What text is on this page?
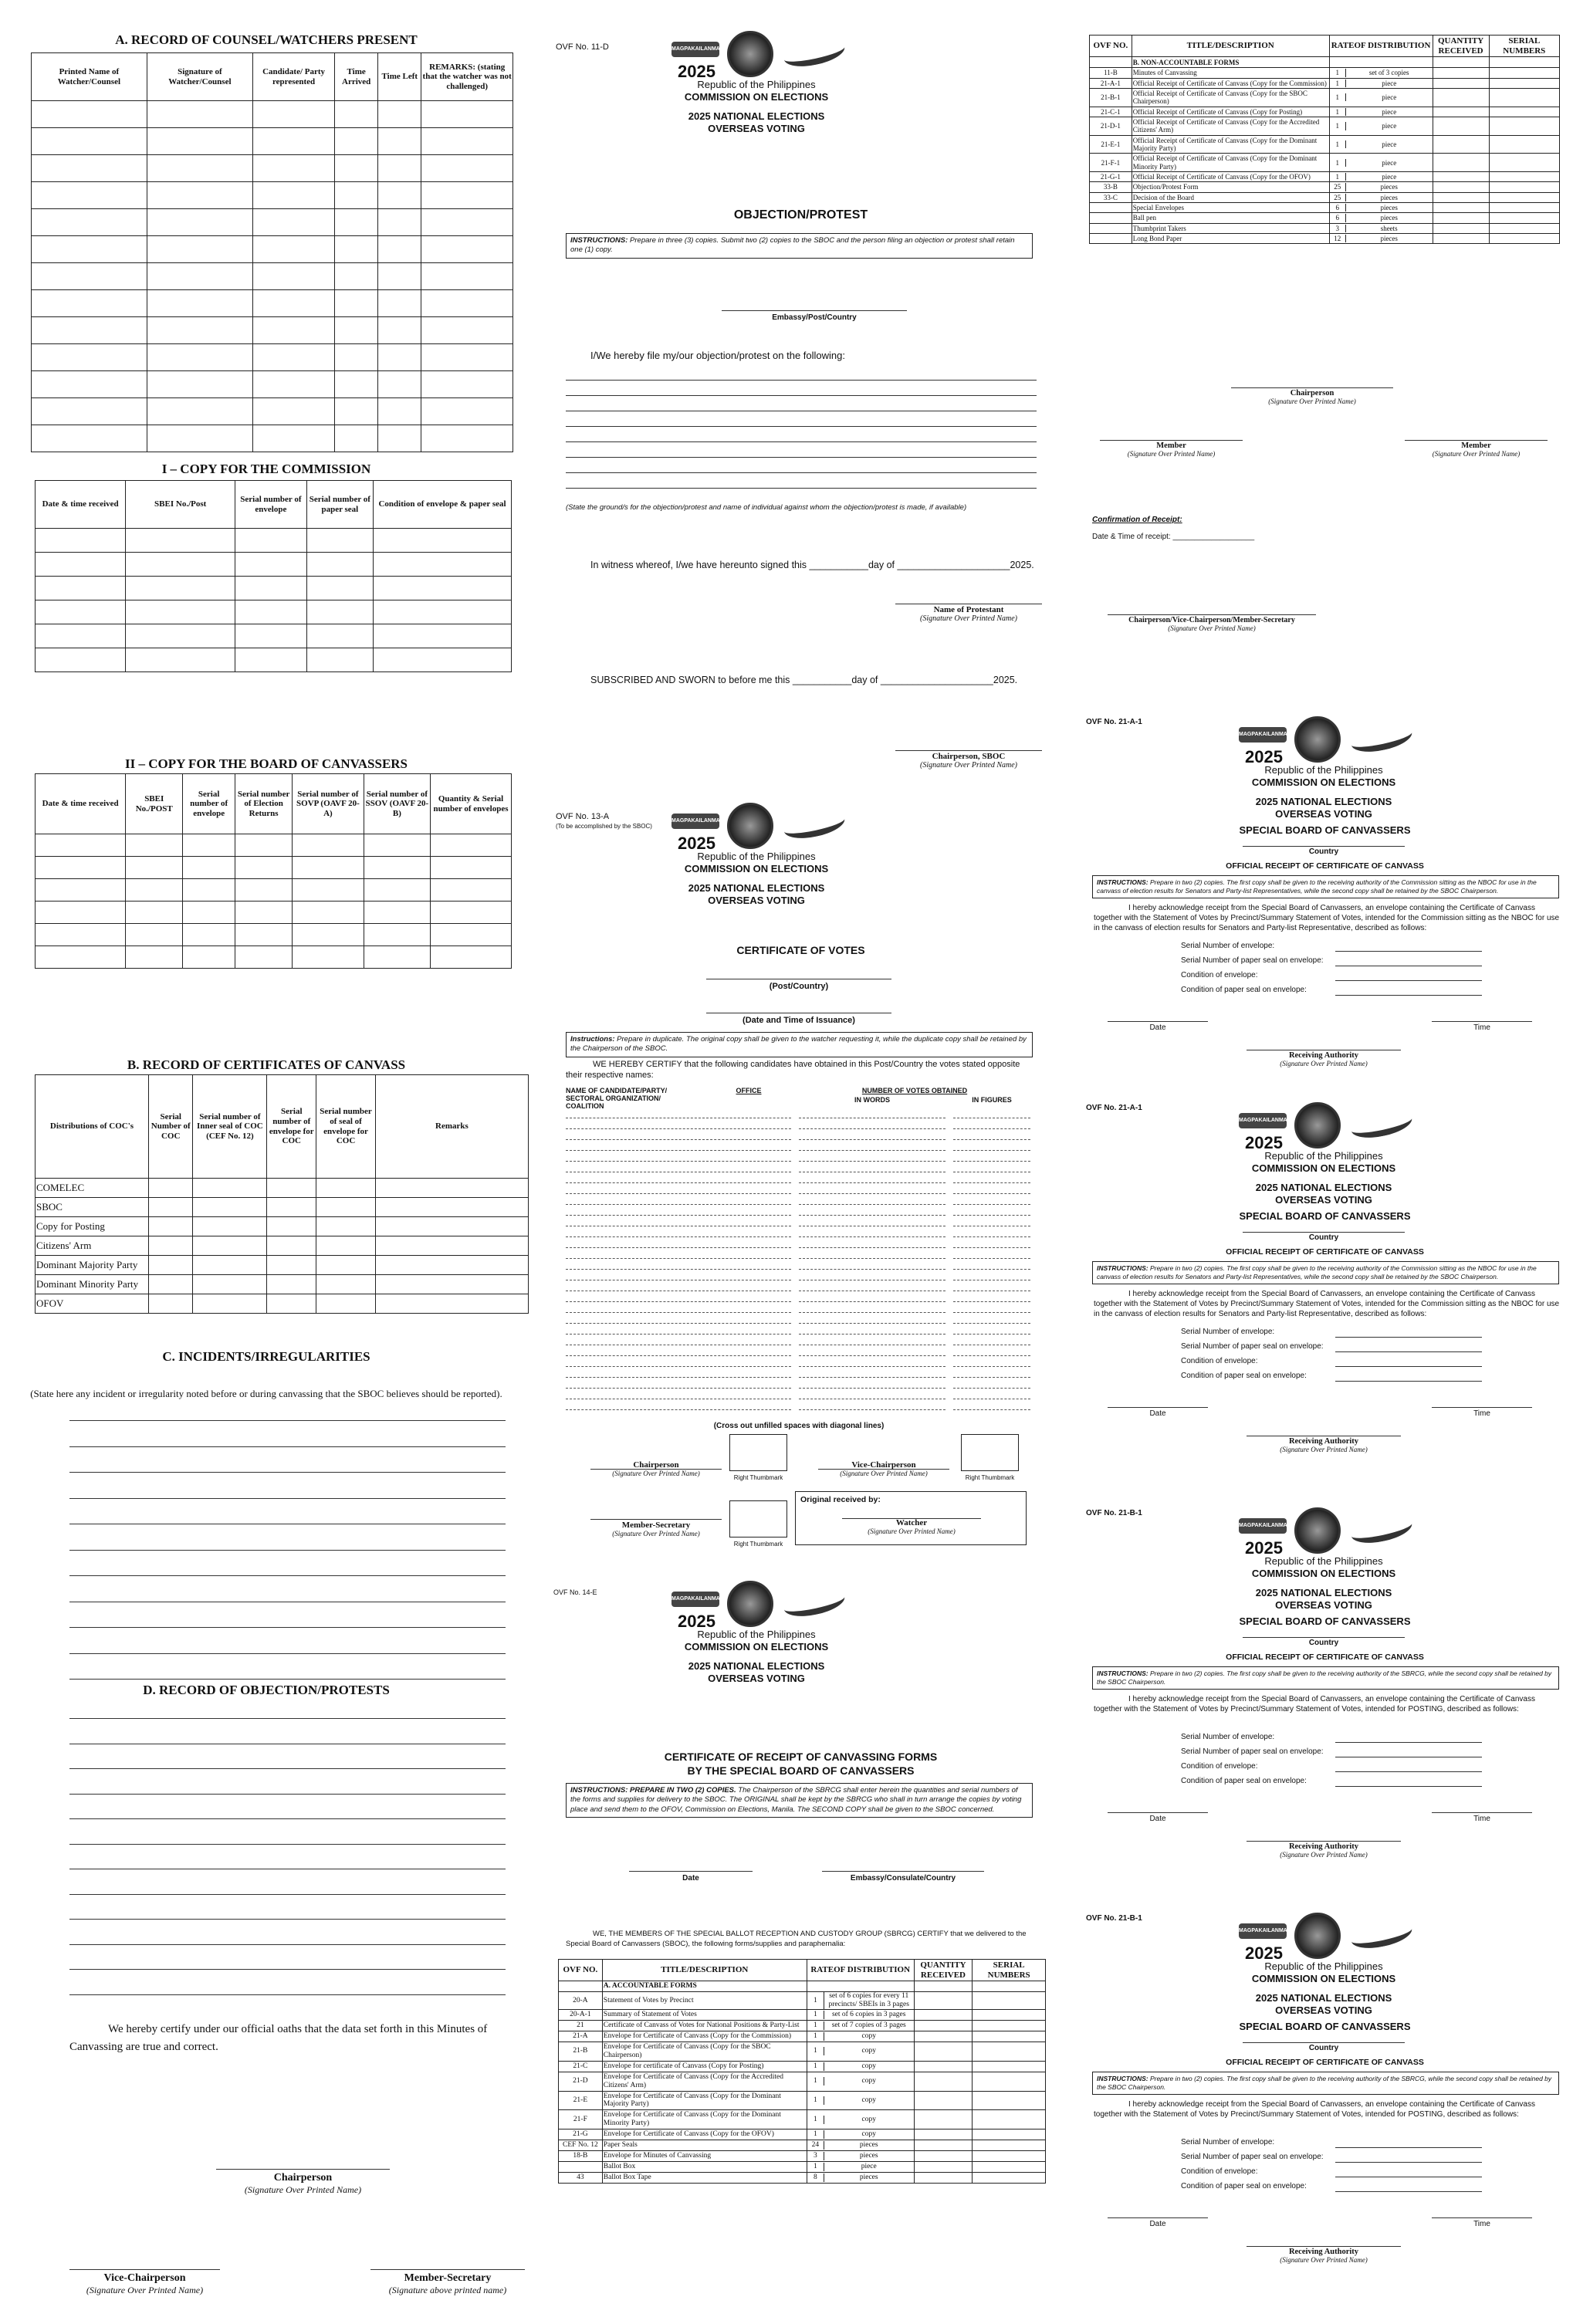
A. RECORD OF COUNSEL/WATCHERS PRESENT
Printed Name of Watcher/Counsel	Signature of Watcher/Counsel	Candidate/ Party represented	Time Arrived	Time Left	REMARKS: (stating that the watcher was not challenged)

I – COPY FOR THE COMMISSION
Date & time received	SBEI No./Post	Serial number of envelope	Serial number of paper seal	Condition of envelope & paper seal

II – COPY FOR THE BOARD OF CANVASSERS
Date & time received	SBEI No./POST	Serial number of envelope	Serial number of Election Returns	Serial number of SOVP (OAVF 20-A)	Serial number of SSOV (OAVF 20-B)	Quantity & Serial number of envelopes

B. RECORD OF CERTIFICATES OF CANVASS
Distributions of COC's	Serial Number of COC	Serial number of Inner seal of COC (CEF No. 12)	Serial number of envelope for COC	Serial number of seal of envelope for COC	Remarks
COMELEC					
SBOC					
Copy for Posting					
Citizens' Arm					
Dominant Majority Party					
Dominant Minority Party					
OFOV					
C. INCIDENTS/IRREGULARITIES
(State here any incident or irregularity noted before or during canvassing that the SBOC believes should be reported).
D. RECORD OF OBJECTION/PROTESTS
We hereby certify under our official oaths that the data set forth in this Minutes of Canvassing are true and correct.
Chairperson
(Signature Over Printed Name)
Vice-Chairperson
(Signature Over Printed Name)
Member-Secretary
(Signature above printed name)
OVF No. 11-D	MAGPAKAILANMAN
2025
Republic of the Philippines
COMMISSION ON ELECTIONS
2025 NATIONAL ELECTIONS
OVERSEAS VOTING
OBJECTION/PROTEST
INSTRUCTIONS: Prepare in three (3) copies. Submit two (2) copies to the SBOC and the person filing an objection or protest shall retain one (1) copy.
Embassy/Post/Country
I/We hereby file my/our objection/protest on the following:
(State the ground/s for the objection/protest and name of individual against whom the objection/protest is made, if available)
In witness whereof, I/we have hereunto signed this ___________day of _____________________2025.
Name of Protestant
(Signature Over Printed Name)
SUBSCRIBED AND SWORN to before me this ___________day of _____________________2025.
Chairperson, SBOC
(Signature Over Printed Name)
OVF No. 13-A
(To be accomplished by the SBOC)
MAGPAKAILANMAN
2025
Republic of the Philippines
COMMISSION ON ELECTIONS
2025 NATIONAL ELECTIONS
OVERSEAS VOTING
CERTIFICATE OF VOTES
(Post/Country)
(Date and Time of Issuance)
Instructions: Prepare in duplicate. The original copy shall be given to the watcher requesting it, while the duplicate copy shall be retained by the Chairperson of the SBOC.
WE HEREBY CERTIFY that the following candidates have obtained in this Post/Country the votes stated opposite their respective names:
NAME OF CANDIDATE/PARTY/ SECTORAL ORGANIZATION/ COALITION
OFFICE	NUMBER OF VOTES OBTAINED
IN WORDS	IN FIGURES
(Cross out unfilled spaces with diagonal lines)
Chairperson
(Signature Over Printed Name)
Right Thumbmark
Vice-Chairperson
(Signature Over Printed Name)
Right Thumbmark
Member-Secretary
(Signature Over Printed Name)
Right Thumbmark
Original received by:
Watcher
(Signature Over Printed Name)
OVF No. 14-E
MAGPAKAILANMAN
2025
Republic of the Philippines
COMMISSION ON ELECTIONS
2025 NATIONAL ELECTIONS
OVERSEAS VOTING
CERTIFICATE OF RECEIPT OF CANVASSING FORMS
BY THE SPECIAL BOARD OF CANVASSERS
INSTRUCTIONS: PREPARE IN TWO (2) COPIES. The Chairperson of the SBRCG shall enter herein the quantities and serial numbers of the forms and supplies for delivery to the SBOC. The ORIGINAL shall be kept by the SBRCG who shall in turn arrange the copies by voting place and send them to the OFOV, Commission on Elections, Manila. The SECOND COPY shall be given to the SBOC concerned.
Date	Embassy/Consulate/Country
WE, THE MEMBERS OF THE SPECIAL BALLOT RECEPTION AND CUSTODY GROUP (SBRCG) CERTIFY that we delivered to the Special Board of Canvassers (SBOC), the following forms/supplies and paraphernalia:
OVF NO.	TITLE/DESCRIPTION	RATEOF DISTRIBUTION	QUANTITY RECEIVED	SERIAL NUMBERS
	A. ACCOUNTABLE FORMS			
20-A	Statement of Votes by Precinct	1
set of 6 copies for every 11 precincts/ SBEIs in 3 pages		

20-A-1	Summary of Statement of Votes	1 set of 6 copies in 3 pages		

21	Certificate of Canvass of Votes for National Positions & Party-List	1 set of 7 copies of 3 pages		

21-A	Envelope for Certificate of Canvass (Copy for the Commission)	1 copy		

21-B	Envelope for Certificate of Canvass (Copy for the SBOC Chairperson)	1 copy		

21-C	Envelope for certificate of Canvass (Copy for Posting)	1 copy		

21-D	Envelope for Certificate of Canvass (Copy for the Accredited Citizens' Arm)	1 copy		

21-E	Envelope for Certificate of Canvass (Copy for the Dominant Majority Party)	1 copy		

21-F	Envelope for Certificate of Canvass (Copy for the Dominant Minority Party)	1 copy		

21-G	Envelope for Certificate of Canvass (Copy for the OFOV)	1 copy		

CEF No. 12	Paper Seals	24 pieces		

18-B	Envelope for Minutes of Canvassing	3 pieces		

	Ballot Box	1 piece		

43	Ballot Box Tape	8 pieces		

OVF NO.	TITLE/DESCRIPTION	RATEOF DISTRIBUTION	QUANTITY RECEIVED	SERIAL NUMBERS
	B. NON-ACCOUNTABLE FORMS			
11-B	Minutes of Canvassing	1 set of 3 copies		

21-A-1	Official Receipt of Certificate of Canvass (Copy for the Commission)	1 piece		

21-B-1	Official Receipt of Certificate of Canvass (Copy for the SBOC Chairperson)	1 piece		

21-C-1	Official Receipt of Certificate of Canvass (Copy for Posting)	1 piece		

21-D-1	Official Receipt of Certificate of Canvass (Copy for the Accredited Citizens' Arm)	1 piece		

21-E-1	Official Receipt of Certificate of Canvass (Copy for the Dominant Majority Party)	1 piece		

21-F-1	Official Receipt of Certificate of Canvass (Copy for the Dominant Minority Party)	1 piece		

21-G-1	Official Receipt of Certificate of Canvass (Copy for the OFOV)	1 piece		

33-B	Objection/Protest Form	25 pieces		

33-C	Decision of the Board	25 pieces		

	Special Envelopes	6 pieces		

	Ball pen	6 pieces		

	Thumbprint Takers	3 sheets		

	Long Bond Paper	12 pieces		

Chairperson
(Signature Over Printed Name)
Member
(Signature Over Printed Name)
Member
(Signature Over Printed Name)
Confirmation of Receipt:
Date & Time of receipt: ___________________
Chairperson/Vice-Chairperson/Member-Secretary
(Signature Over Printed Name)
OVF No. 21-A-1
MAGPAKAILANMAN
2025
Republic of the Philippines
COMMISSION ON ELECTIONS
2025 NATIONAL ELECTIONS
OVERSEAS VOTING
SPECIAL BOARD OF CANVASSERS
Country
OFFICIAL RECEIPT OF CERTIFICATE OF CANVASS
INSTRUCTIONS: Prepare in two (2) copies. The first copy shall be given to the receiving authority of the Commission sitting as the NBOC for use in the canvass of election results for Senators and Party-list Representatives, while the second copy shall be retained by the SBOC Chairperson.
I hereby acknowledge receipt from the Special Board of Canvassers, an envelope containing the Certificate of Canvass together with the Statement of Votes by Precinct/Summary Statement of Votes, intended for the Commission sitting as the NBOC for use in the canvass of election results for Senators and Party-list Representative, described as follows:
Serial Number of envelope:
Serial Number of paper seal on envelope:
Condition of envelope:
Condition of paper seal on envelope:
Date	Time
Receiving Authority
(Signature Over Printed Name)
OVF No. 21-A-1
MAGPAKAILANMAN
2025
Republic of the Philippines
COMMISSION ON ELECTIONS
2025 NATIONAL ELECTIONS
OVERSEAS VOTING
SPECIAL BOARD OF CANVASSERS
Country
OFFICIAL RECEIPT OF CERTIFICATE OF CANVASS
INSTRUCTIONS: Prepare in two (2) copies. The first copy shall be given to the receiving authority of the Commission sitting as the NBOC for use in the canvass of election results for Senators and Party-list Representatives, while the second copy shall be retained by the SBOC Chairperson.
I hereby acknowledge receipt from the Special Board of Canvassers, an envelope containing the Certificate of Canvass together with the Statement of Votes by Precinct/Summary Statement of Votes, intended for the Commission sitting as the NBOC for use in the canvass of election results for Senators and Party-list Representative, described as follows:
Serial Number of envelope:
Serial Number of paper seal on envelope:
Condition of envelope:
Condition of paper seal on envelope:
Date	Time
Receiving Authority
(Signature Over Printed Name)
OVF No. 21-B-1
MAGPAKAILANMAN
2025
Republic of the Philippines
COMMISSION ON ELECTIONS
2025 NATIONAL ELECTIONS
OVERSEAS VOTING
SPECIAL BOARD OF CANVASSERS
Country
OFFICIAL RECEIPT OF CERTIFICATE OF CANVASS
INSTRUCTIONS: Prepare in two (2) copies. The first copy shall be given to the receiving authority of the SBRCG, while the second copy shall be retained by the SBOC Chairperson.
I hereby acknowledge receipt from the Special Board of Canvassers, an envelope containing the Certificate of Canvass together with the Statement of Votes by Precinct/Summary Statement of Votes, intended for POSTING, described as follows:
Serial Number of envelope:
Serial Number of paper seal on envelope:
Condition of envelope:
Condition of paper seal on envelope:
Date	Time
Receiving Authority
(Signature Over Printed Name)
OVF No. 21-B-1
MAGPAKAILANMAN
2025
Republic of the Philippines
COMMISSION ON ELECTIONS
2025 NATIONAL ELECTIONS
OVERSEAS VOTING
SPECIAL BOARD OF CANVASSERS
Country
OFFICIAL RECEIPT OF CERTIFICATE OF CANVASS
INSTRUCTIONS: Prepare in two (2) copies. The first copy shall be given to the receiving authority of the SBRCG, while the second copy shall be retained by the SBOC Chairperson.
I hereby acknowledge receipt from the Special Board of Canvassers, an envelope containing the Certificate of Canvass together with the Statement of Votes by Precinct/Summary Statement of Votes, intended for POSTING, described as follows:
Serial Number of envelope:
Serial Number of paper seal on envelope:
Condition of envelope:
Condition of paper seal on envelope:
Date	Time
Receiving Authority
(Signature Over Printed Name)
